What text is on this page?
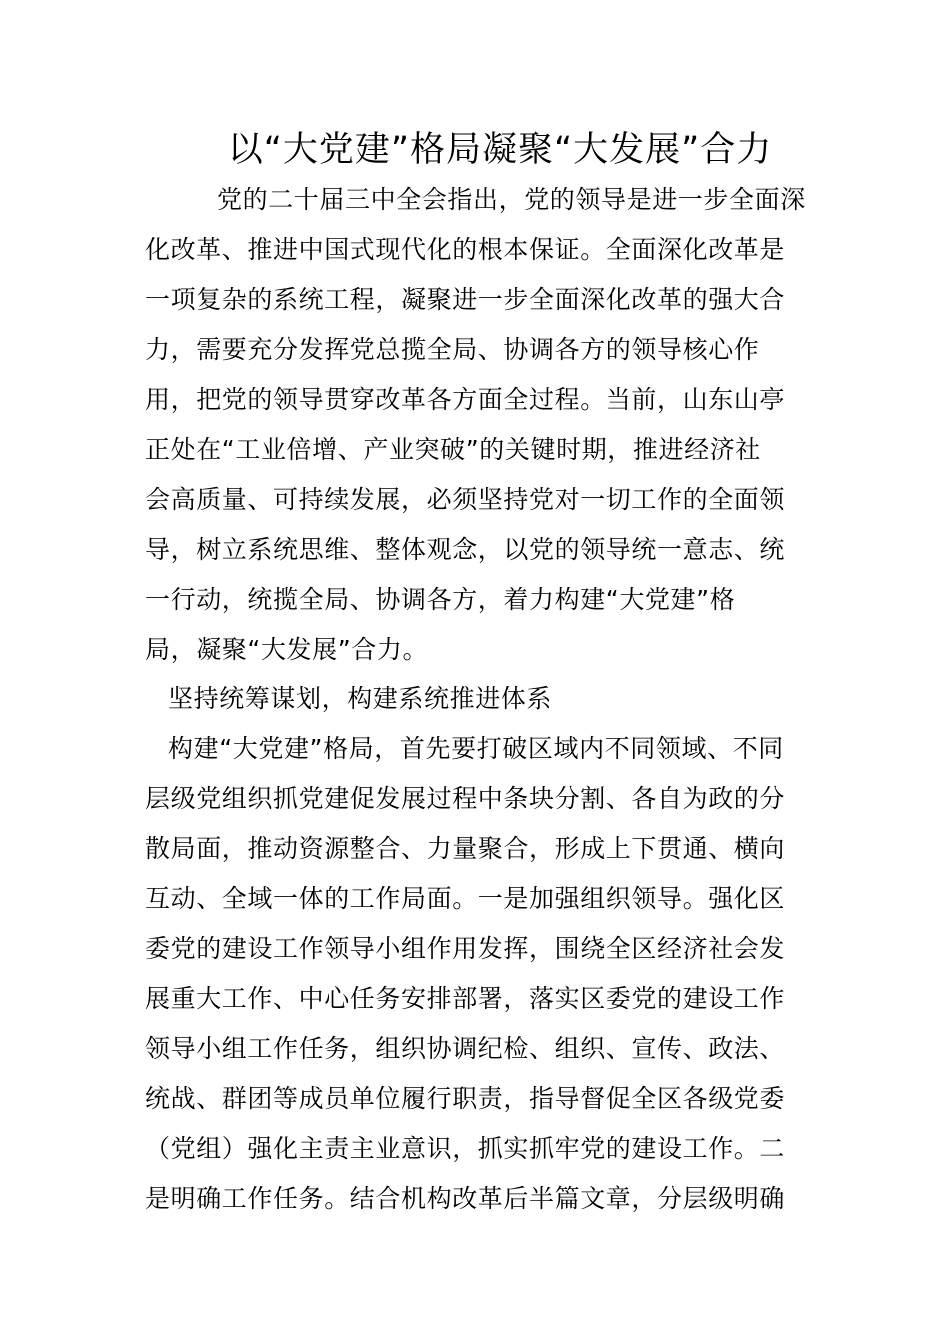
以“大党建”格局凝聚“大发展”合力
党的二十届三中全会指出，党的领导是进一步全面深
化改革、推进中国式现代化的根本保证。全面深化改革是
一项复杂的系统工程，凝聚进一步全面深化改革的强大合
力，需要充分发挥党总揽全局、协调各方的领导核心作
用，把党的领导贯穿改革各方面全过程。当前，山东山亭
正处在“工业倍增、产业突破”的关键时期，推进经济社
会高质量、可持续发展，必须坚持党对一切工作的全面领
导，树立系统思维、整体观念，以党的领导统一意志、统
一行动，统揽全局、协调各方，着力构建“大党建”格
局，凝聚“大发展”合力。
坚持统筹谋划，构建系统推进体系
构建“大党建”格局，首先要打破区域内不同领域、不同
层级党组织抓党建促发展过程中条块分割、各自为政的分
散局面，推动资源整合、力量聚合，形成上下贯通、横向
互动、全域一体的工作局面。一是加强组织领导。强化区
委党的建设工作领导小组作用发挥，围绕全区经济社会发
展重大工作、中心任务安排部署，落实区委党的建设工作
领导小组工作任务，组织协调纪检、组织、宣传、政法、
统战、群团等成员单位履行职责，指导督促全区各级党委
（党组）强化主责主业意识，抓实抓牢党的建设工作。二
是明确工作任务。结合机构改革后半篇文章，分层级明确
